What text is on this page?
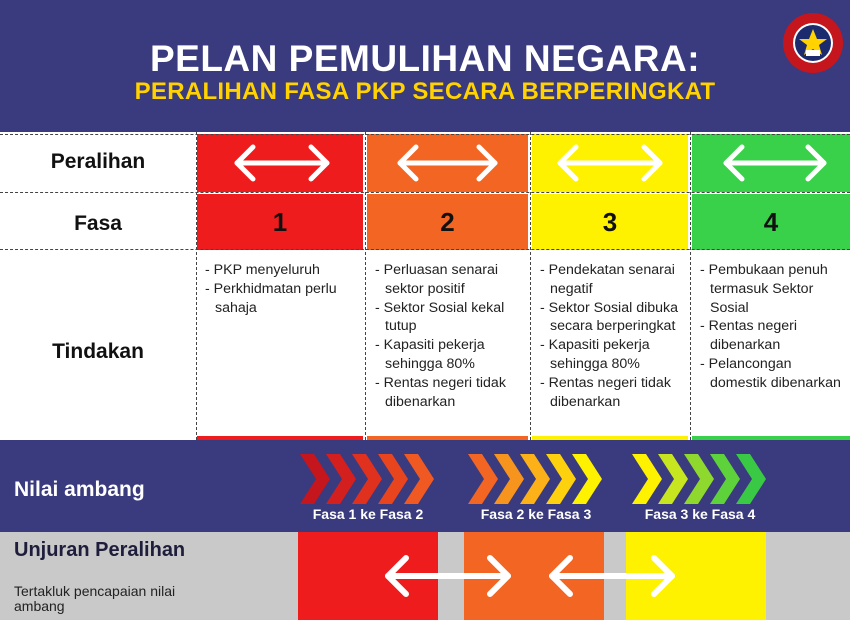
PELAN PEMULIHAN NEGARA:
PERALIHAN FASA PKP SECARA BERPERINGKAT
Peralihan
Fasa
Tindakan
1
- PKP menyeluruh
- Perkhidmatan perlu sahaja
2
- Perluasan senarai sektor positif
- Sektor Sosial kekal tutup
- Kapasiti pekerja sehingga 80%
- Rentas negeri tidak dibenarkan
3
- Pendekatan senarai negatif
- Sektor Sosial dibuka secara berperingkat
- Kapasiti pekerja sehingga 80%
- Rentas negeri tidak dibenarkan
4
- Pembukaan penuh termasuk Sektor Sosial
- Rentas negeri dibenarkan
- Pelancongan domestik dibenarkan
Nilai ambang
Fasa 1 ke Fasa 2	Fasa 2 ke Fasa 3	Fasa 3 ke Fasa 4
Unjuran Peralihan
Tertakluk pencapaian nilai ambang
